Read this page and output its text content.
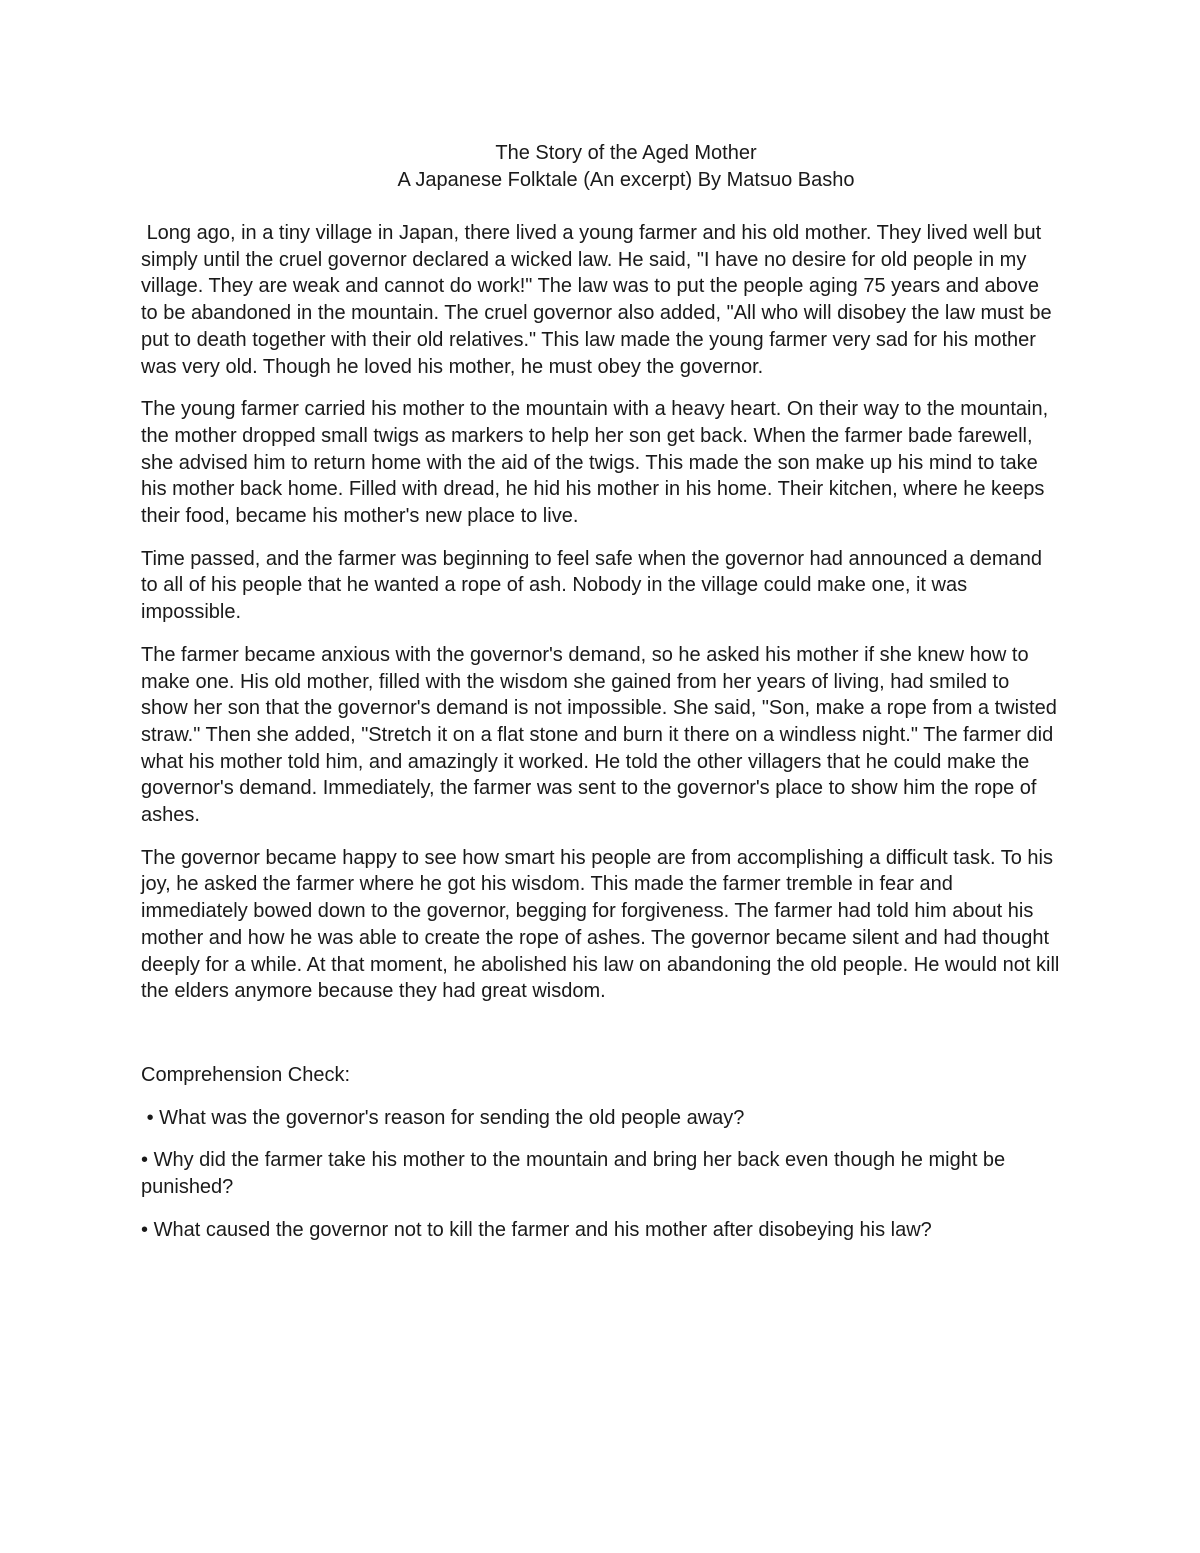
The Story of the Aged Mother
A Japanese Folktale (An excerpt) By Matsuo Basho

Long ago, in a tiny village in Japan, there lived a young farmer and his old mother. They lived well but simply until the cruel governor declared a wicked law. He said, "I have no desire for old people in my village. They are weak and cannot do work!" The law was to put the people aging 75 years and above to be abandoned in the mountain. The cruel governor also added, "All who will disobey the law must be put to death together with their old relatives." This law made the young farmer very sad for his mother was very old. Though he loved his mother, he must obey the governor.

The young farmer carried his mother to the mountain with a heavy heart. On their way to the mountain, the mother dropped small twigs as markers to help her son get back. When the farmer bade farewell, she advised him to return home with the aid of the twigs. This made the son make up his mind to take his mother back home. Filled with dread, he hid his mother in his home. Their kitchen, where he keeps their food, became his mother's new place to live.

Time passed, and the farmer was beginning to feel safe when the governor had announced a demand to all of his people that he wanted a rope of ash. Nobody in the village could make one, it was impossible.

The farmer became anxious with the governor's demand, so he asked his mother if she knew how to make one. His old mother, filled with the wisdom she gained from her years of living, had smiled to show her son that the governor's demand is not impossible. She said, "Son, make a rope from a twisted straw." Then she added, "Stretch it on a flat stone and burn it there on a windless night." The farmer did what his mother told him, and amazingly it worked. He told the other villagers that he could make the governor's demand. Immediately, the farmer was sent to the governor's place to show him the rope of ashes.

The governor became happy to see how smart his people are from accomplishing a difficult task. To his joy, he asked the farmer where he got his wisdom. This made the farmer tremble in fear and immediately bowed down to the governor, begging for forgiveness. The farmer had told him about his mother and how he was able to create the rope of ashes. The governor became silent and had thought deeply for a while. At that moment, he abolished his law on abandoning the old people. He would not kill the elders anymore because they had great wisdom.

Comprehension Check:

• What was the governor's reason for sending the old people away?

• Why did the farmer take his mother to the mountain and bring her back even though he might be punished?

• What caused the governor not to kill the farmer and his mother after disobeying his law?
